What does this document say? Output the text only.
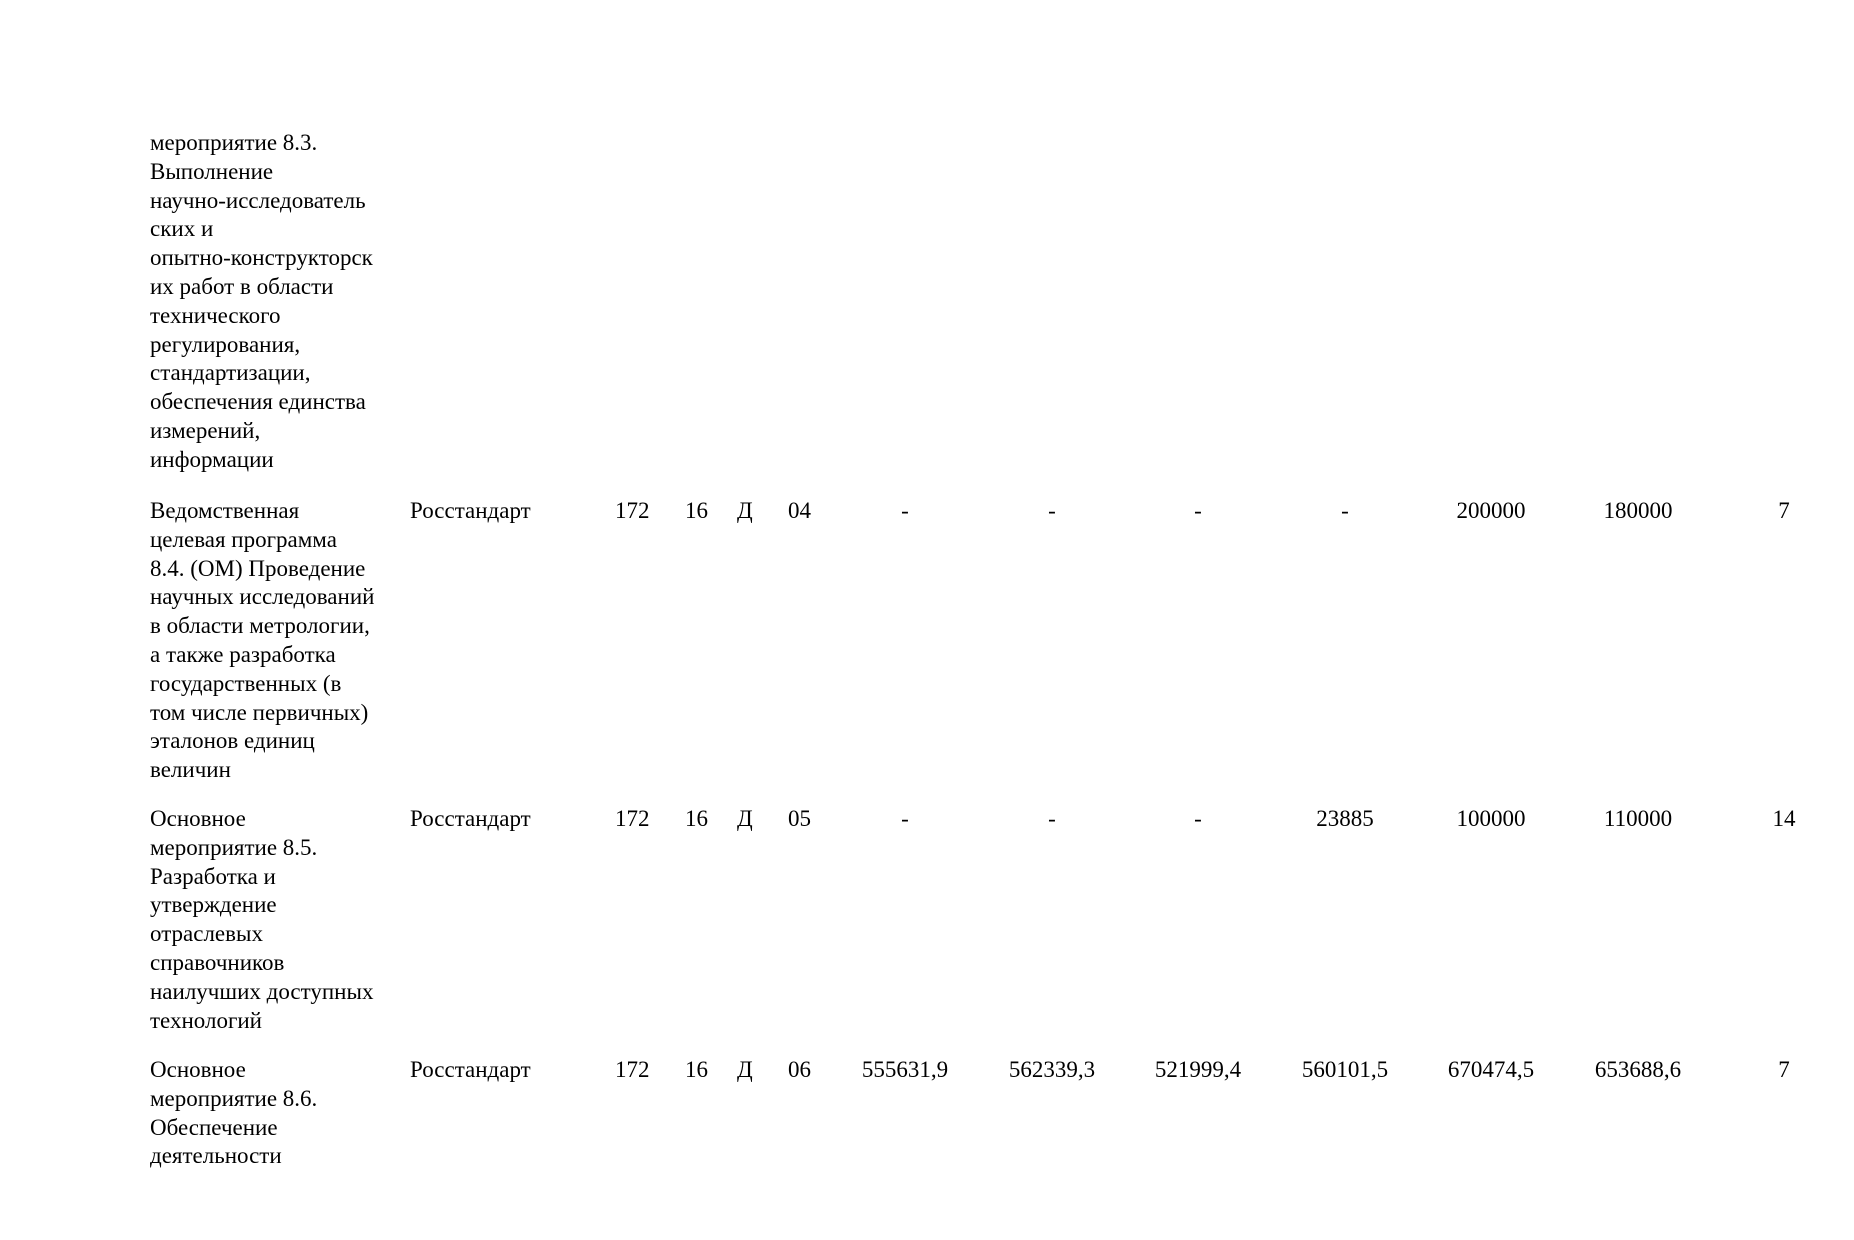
мероприятие 8.3.
Выполнение
научно-исследователь
ских и
опытно-конструкторск
их работ в области
технического
регулирования,
стандартизации,
обеспечения единства
измерений,
информации
Ведомственная
целевая программа
8.4. (ОМ) Проведение
научных исследований
в области метрологии,
а также разработка
государственных (в
том числе первичных)
эталонов единиц
величин
Росстандарт	172 16 Д 04	-	-	-	-	200000	180000	7
Основное
мероприятие 8.5.
Разработка и
утверждение
отраслевых
справочников
наилучших доступных
технологий
Росстандарт	172 16 Д 05	-	-	-	23885	100000	110000	14
Основное
мероприятие 8.6.
Обеспечение
деятельности
Росстандарт	172 16 Д 06	555631,9	562339,3	521999,4	560101,5	670474,5	653688,6	7
